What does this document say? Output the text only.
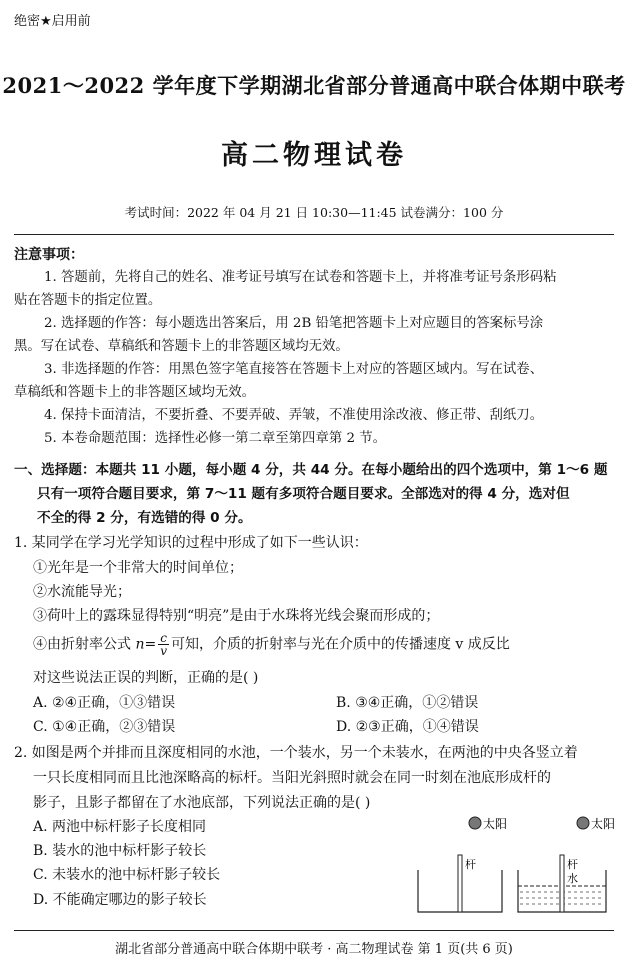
绝密★启用前
2021～2022 学年度下学期湖北省部分普通高中联合体期中联考
高二物理试卷
考试时间：2022 年 04 月 21 日 10:30—11:45 试卷满分：100 分
注意事项：
1. 答题前，先将自己的姓名、准考证号填写在试卷和答题卡上，并将准考证号条形码粘
贴在答题卡的指定位置。
2. 选择题的作答：每小题选出答案后，用 2B 铅笔把答题卡上对应题目的答案标号涂
黑。写在试卷、草稿纸和答题卡上的非答题区域均无效。
3. 非选择题的作答：用黑色签字笔直接答在答题卡上对应的答题区域内。写在试卷、
草稿纸和答题卡上的非答题区域均无效。
4. 保持卡面清洁，不要折叠、不要弄破、弄皱，不准使用涂改液、修正带、刮纸刀。
5. 本卷命题范围：选择性必修一第二章至第四章第 2 节。
一、选择题：本题共 11 小题，每小题 4 分，共 44 分。在每小题给出的四个选项中，第 1～6 题
只有一项符合题目要求，第 7～11 题有多项符合题目要求。全部选对的得 4 分，选对但
不全的得 2 分，有选错的得 0 分。
1. 某同学在学习光学知识的过程中形成了如下一些认识：
①光年是一个非常大的时间单位；
②水流能导光；
③荷叶上的露珠显得特别“明亮”是由于水珠将光线会聚而形成的；
④由折射率公式 $n= \frac{c}{v}$ 可知，介质的折射率与光在介质中的传播速度 v 成反比
对这些说法正误的判断，正确的是( )
A. ②④正确，①③错误	B. ③④正确，①②错误
C. ①④正确，②③错误	D. ②③正确，①④错误
2. 如图是两个并排而且深度相同的水池，一个装水，另一个未装水，在两池的中央各竖立着
一只长度相同而且比池深略高的标杆。当阳光斜照时就会在同一时刻在池底形成杆的
影子，且影子都留在了水池底部，下列说法正确的是( )
A. 两池中标杆影子长度相同
B. 装水的池中标杆影子较长
C. 未装水的池中标杆影子较长
D. 不能确定哪边的影子较长
太阳	太阳
杆	杆
水
湖北省部分普通高中联合体期中联考 · 高二物理试卷 第 1 页(共 6 页)
